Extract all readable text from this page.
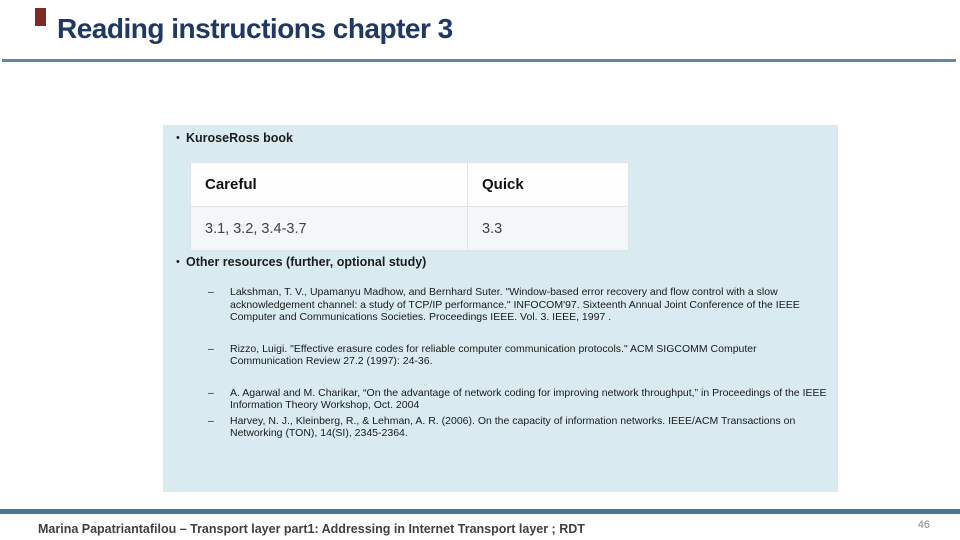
Reading instructions chapter 3
• KuroseRoss book
Careful	Quick
3.1, 3.2, 3.4-3.7	3.3
• Other resources (further, optional study)
–	Lakshman, T. V., Upamanyu Madhow, and Bernhard Suter. "Window-based error recovery and flow control with a slow acknowledgement channel: a study of TCP/IP performance." INFOCOM'97. Sixteenth Annual Joint Conference of the IEEE Computer and Communications Societies. Proceedings IEEE. Vol. 3. IEEE, 1997 .
–	Rizzo, Luigi. "Effective erasure codes for reliable computer communication protocols." ACM SIGCOMM Computer Communication Review 27.2 (1997): 24-36.
–	A. Agarwal and M. Charikar, “On the advantage of network coding for improving network throughput,” in Proceedings of the IEEE Information Theory Workshop, Oct. 2004
–	Harvey, N. J., Kleinberg, R., & Lehman, A. R. (2006). On the capacity of information networks. IEEE/ACM Transactions on Networking (TON), 14(SI), 2345-2364.
Marina Papatriantafilou – Transport layer part1: Addressing in Internet Transport layer ; RDT	46
